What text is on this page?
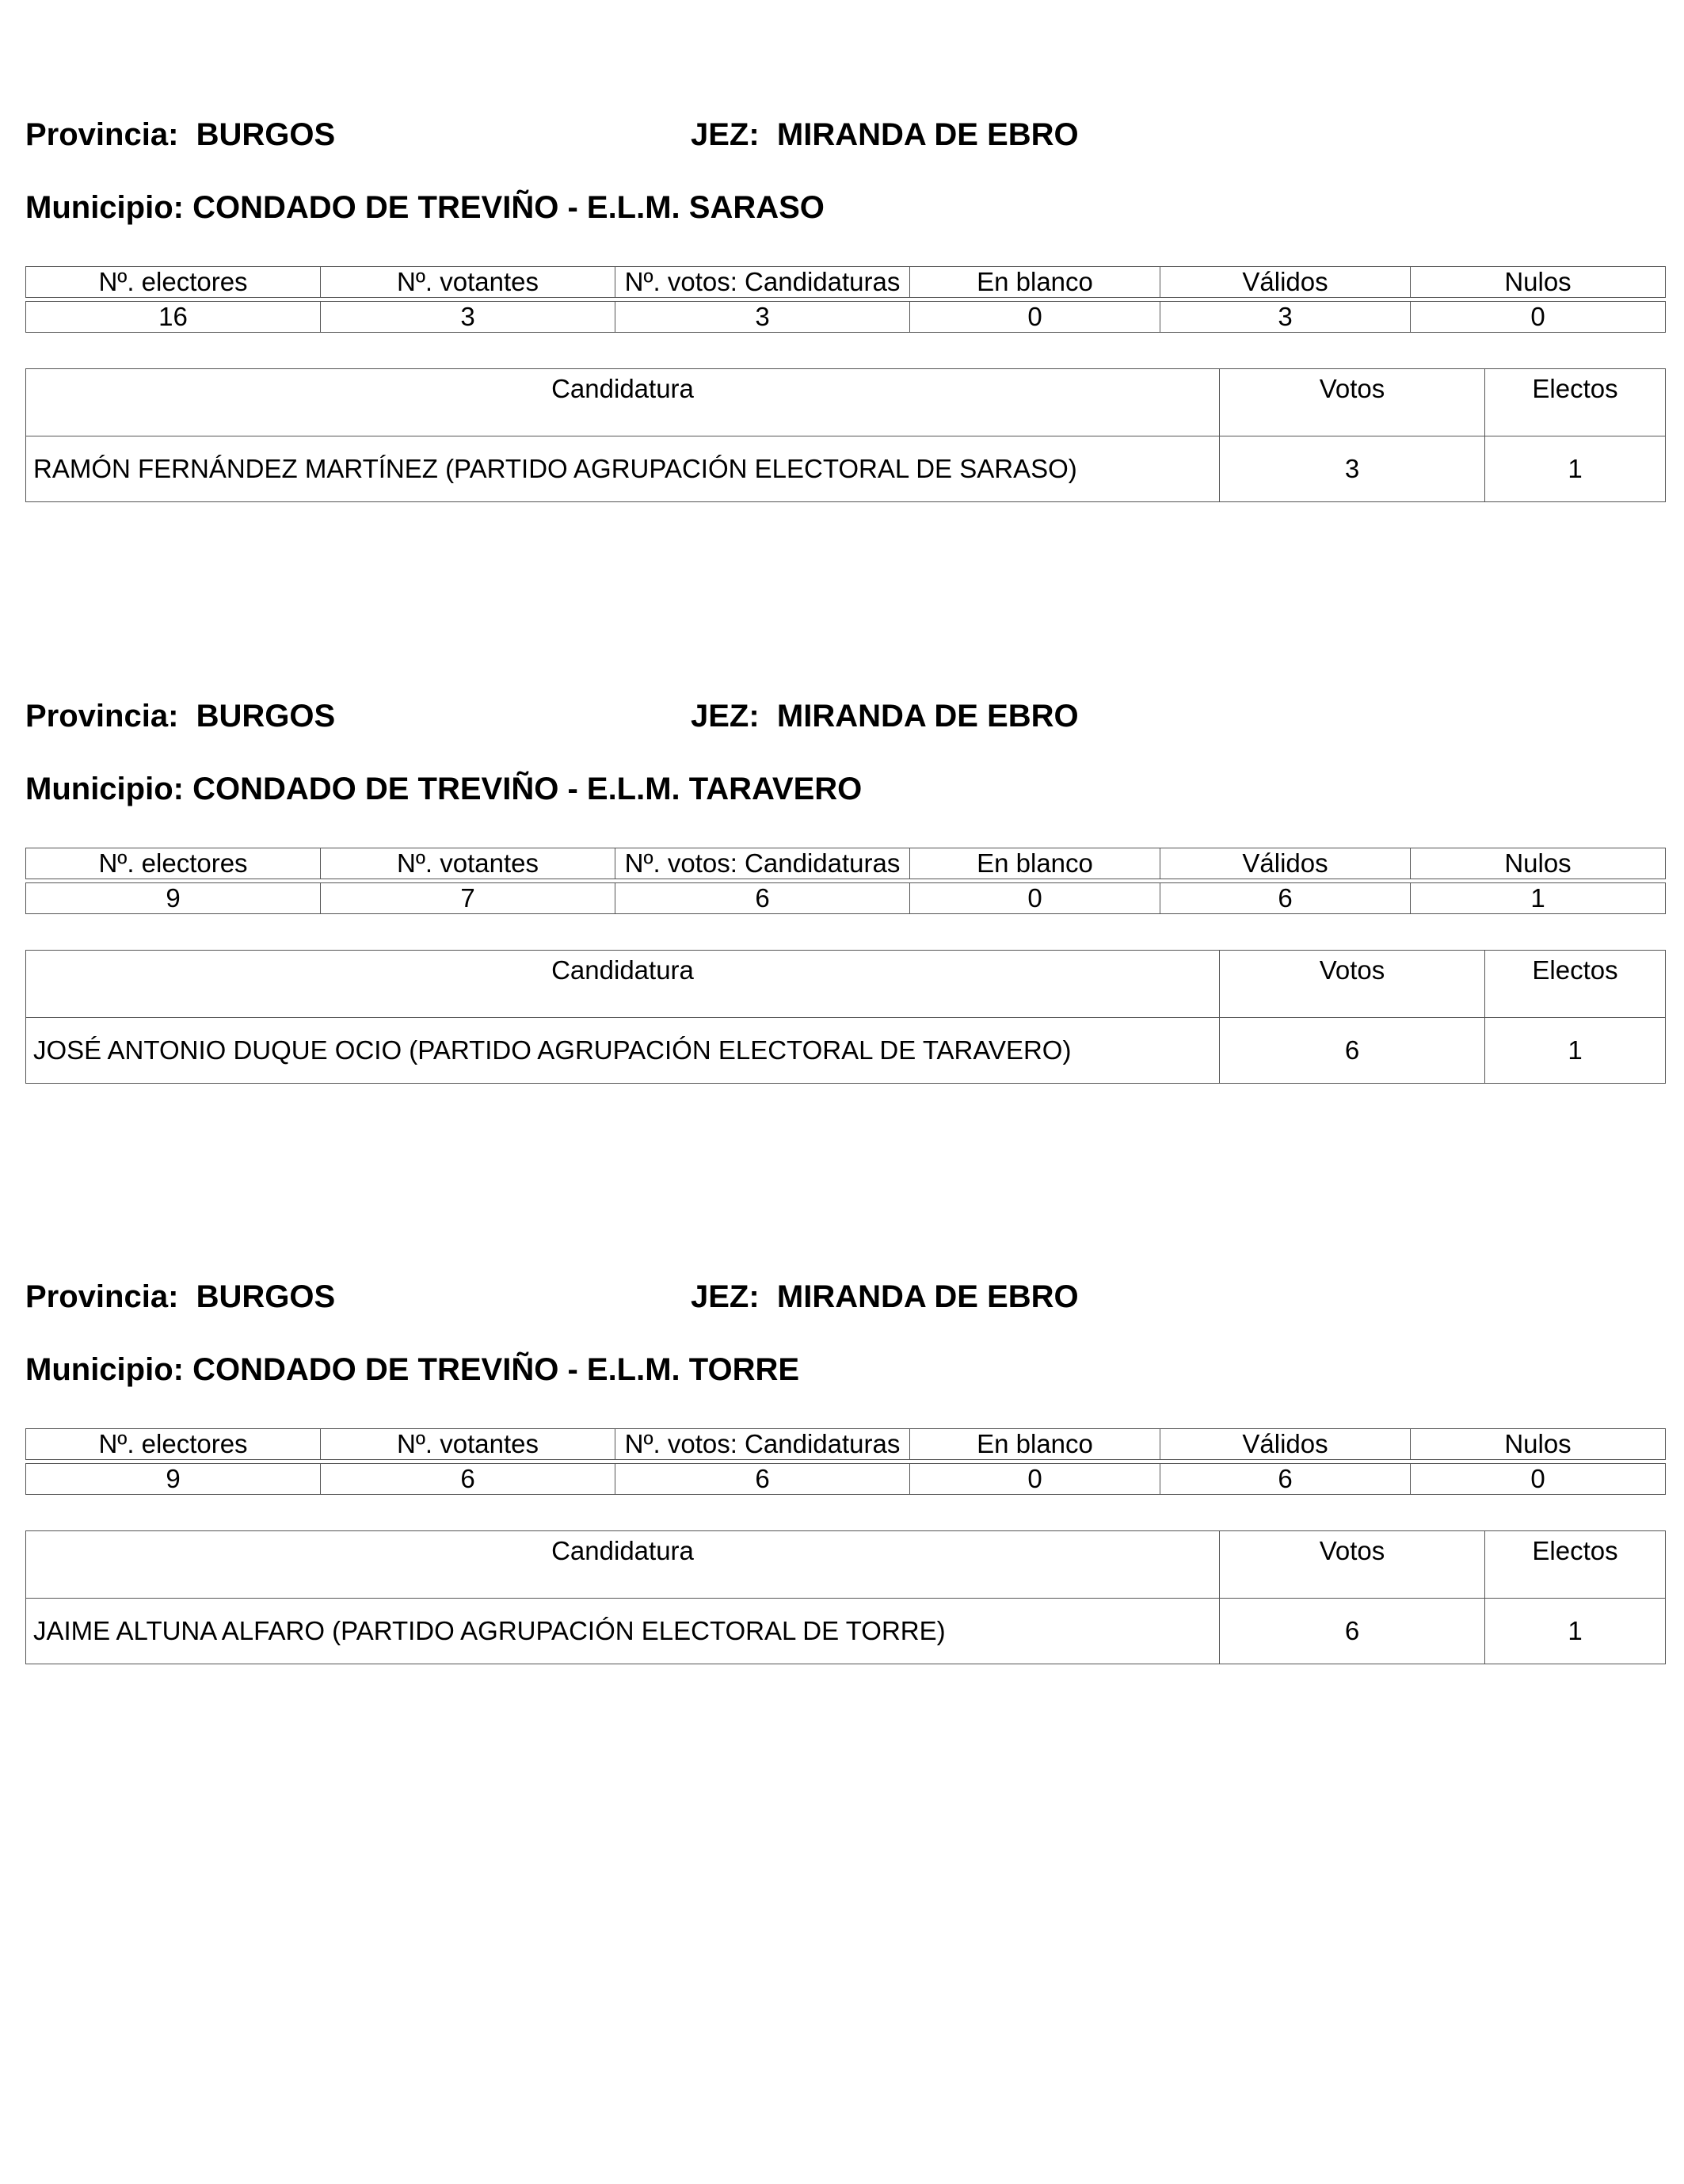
Provincia: BURGOS	JEZ: MIRANDA DE EBRO
Municipio: CONDADO DE TREVIÑO - E.L.M. SARASO
Nº. electores	Nº. votantes	Nº. votos: Candidaturas	En blanco	Válidos	Nulos

16	3	3	0	3	0
Candidatura	Votos	Electos
RAMÓN FERNÁNDEZ MARTÍNEZ (PARTIDO AGRUPACIÓN ELECTORAL DE SARASO)	3	1
Provincia: BURGOS	JEZ: MIRANDA DE EBRO
Municipio: CONDADO DE TREVIÑO - E.L.M. TARAVERO
Nº. electores	Nº. votantes	Nº. votos: Candidaturas	En blanco	Válidos	Nulos

9	7	6	0	6	1
Candidatura	Votos	Electos
JOSÉ ANTONIO DUQUE OCIO (PARTIDO AGRUPACIÓN ELECTORAL DE TARAVERO)	6	1
Provincia: BURGOS	JEZ: MIRANDA DE EBRO
Municipio: CONDADO DE TREVIÑO - E.L.M. TORRE
Nº. electores	Nº. votantes	Nº. votos: Candidaturas	En blanco	Válidos	Nulos

9	6	6	0	6	0
Candidatura	Votos	Electos
JAIME ALTUNA ALFARO (PARTIDO AGRUPACIÓN ELECTORAL DE TORRE)	6	1
